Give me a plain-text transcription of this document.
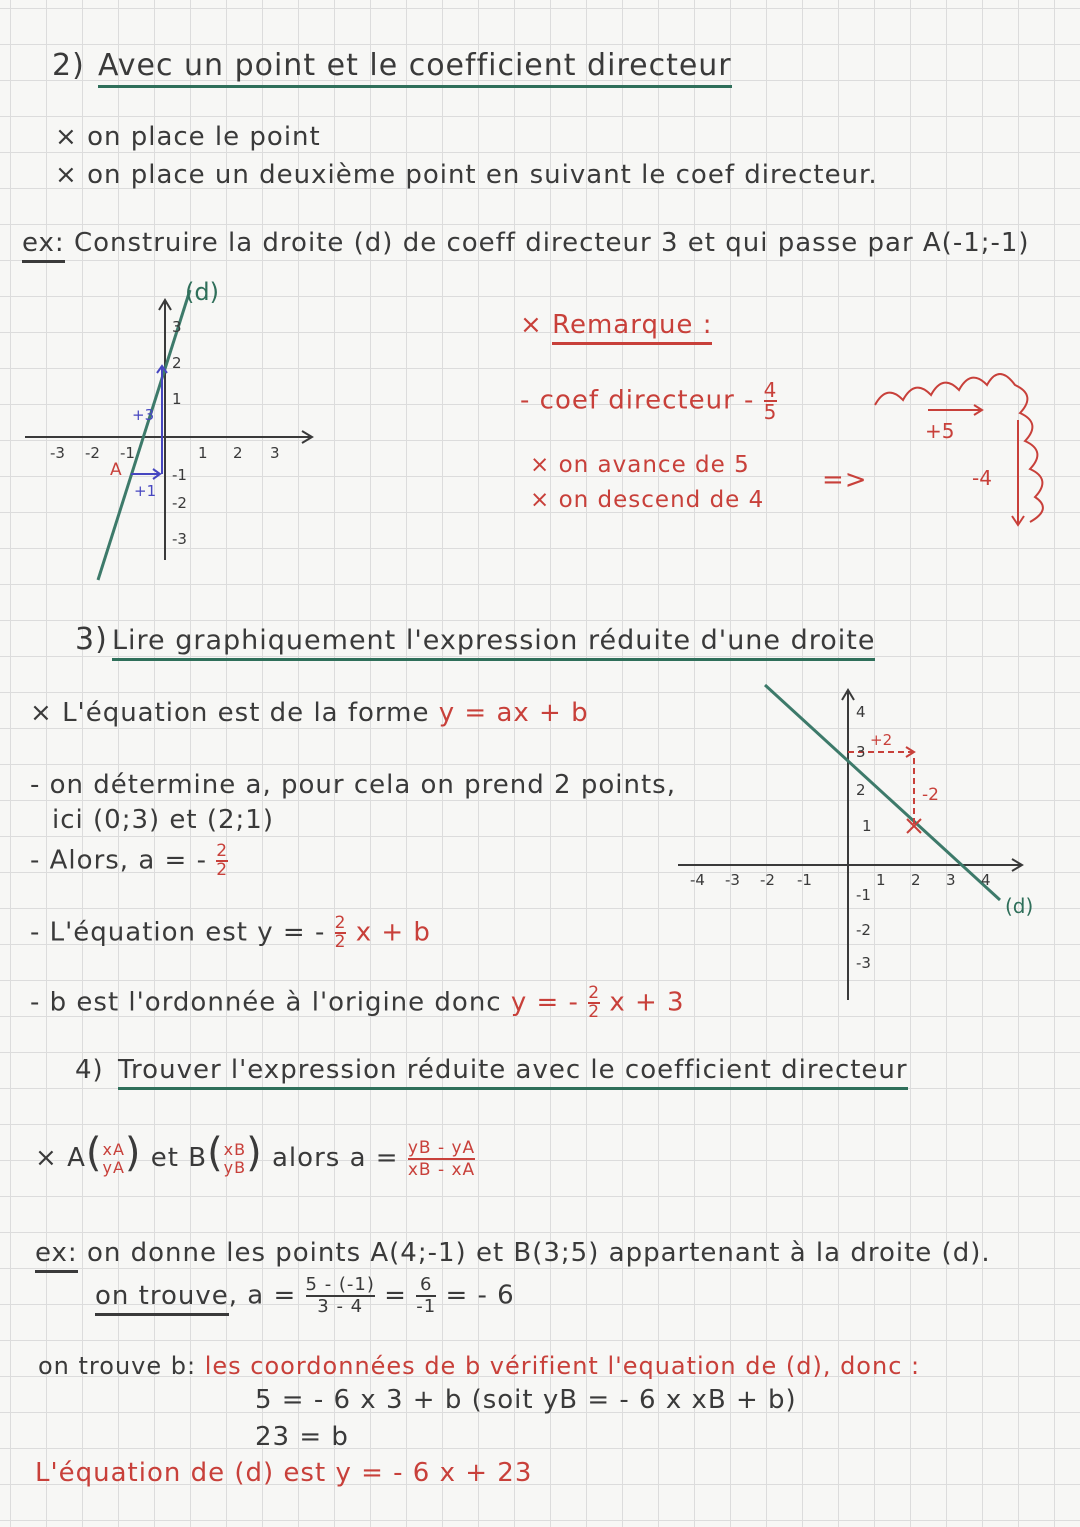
2) Avec un point et le coefficient directeur
× on place le point
× on place un deuxième point en suivant le coef directeur.
ex: Construire la droite (d) de coeff directeur 3 et qui passe par A(-1;-1)
(d)
-3 -2 -1	1 2 3
3
2
1
-1
-2
-3
A
+1
+3
+5
-4
× Remarque :
- coef directeur - $\frac{4}{5}$
× on avance de 5
× on descend de 4
=>
3) Lire graphiquement l'expression réduite d'une droite
× L'équation est de la forme y = ax + b
- on détermine a, pour cela on prend 2 points,
ici (0;3) et (2;1)
- Alors, a = - $\frac{2}{2}$
- L'équation est y = - $\frac{2}{2}$ x + b
- b est l'ordonnée à l'origine donc y = - $\frac{2}{2}$ x + 3
(d)
+2
-2
-4 -3 -2 -1	1 2 3 4
4
3
2
1
-1
-2
-3
4) Trouver l'expression réduite avec le coefficient directeur
× A( xA
yA ) et B( xB
yB ) alors $a = \frac{yB - yA}{xB - xA}$
ex: on donne les points A(4;-1) et B(3;5) appartenant à la droite (d).
on trouve, $a = \frac{5 - (-1)}{3 - 4} = \frac{6}{-1}$ = - 6
on trouve b: les coordonnées de b vérifient l'equation de (d), donc :
5 = - 6 x 3 + b (soit yB = - 6 x xB + b)
23 = b
L'équation de (d) est y = - 6 x + 23
